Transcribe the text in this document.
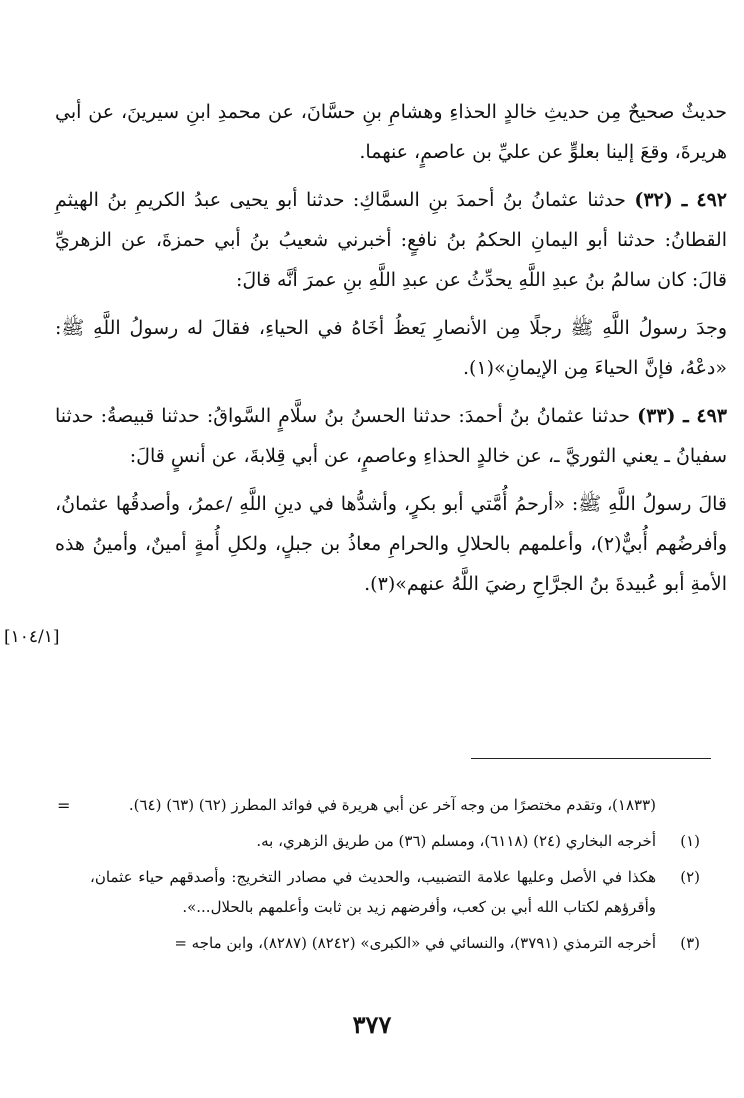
حديثٌ صحيحٌ مِن حديثِ خالدٍ الحذاءِ وهشامِ بنِ حسَّانَ، عن محمدِ ابنِ سيرينَ، عن أبي هريرةَ، وقعَ إلينا بعلوٍّ عن عليِّ بن عاصمٍ، عنهما.

٤٩٢ ـ (٣٢) حدثنا عثمانُ بنُ أحمدَ بنِ السمَّاكِ: حدثنا أبو يحيى عبدُ الكريمِ بنُ الهيثمِ القطانُ: حدثنا أبو اليمانِ الحكمُ بنُ نافعٍ: أخبرني شعيبُ بنُ أبي حمزةَ، عن الزهريِّ قالَ: كان سالمُ بنُ عبدِ اللَّهِ يحدِّثُ عن عبدِ اللَّهِ بنِ عمرَ أنَّه قالَ:

وجدَ رسولُ اللَّهِ ﷺ رجلًا مِن الأنصارِ يَعظُ أخَاهُ في الحياءِ، فقالَ له رسولُ اللَّهِ ﷺ: «دعْهُ، فإنَّ الحياءَ مِن الإيمانِ»(١).

٤٩٣ ـ (٣٣) حدثنا عثمانُ بنُ أحمدَ: حدثنا الحسنُ بنُ سلَّامٍ السَّواقُ: حدثنا قبيصةُ: حدثنا سفيانُ ـ يعني الثوريَّ ـ، عن خالدٍ الحذاءِ وعاصمٍ، عن أبي قِلابةَ، عن أنسٍ قالَ:

قالَ رسولُ اللَّهِ ﷺ: «أرحمُ أُمَّتي أبو بكرٍ، وأشدُّها في دينِ اللَّهِ /عمرُ، وأصدقُها عثمانُ، وأفرضُهم أُبيٌّ(٢)، وأعلمهم بالحلالِ والحرامِ معاذُ بن جبلٍ، ولكلِ أُمةٍ أمينٌ، وأمينُ هذه الأمةِ أبو عُبيدةَ بنُ الجرَّاحِ رضيَ اللَّهُ عنهم»(٣).

[١٠٤/١]
=	(١٨٣٣)، وتقدم مختصرًا من وجه آخر عن أبي هريرة في فوائد المطرز (٦٢) (٦٣) (٦٤).
(١)
أخرجه البخاري (٢٤) (٦١١٨)، ومسلم (٣٦) من طريق الزهري، به.
(٢)
هكذا في الأصل وعليها علامة التضبيب، والحديث في مصادر التخريج: وأصدقهم حياء عثمان، وأقرؤهم لكتاب الله أبي بن كعب، وأفرضهم زيد بن ثابت وأعلمهم بالحلال...».
(٣)
أخرجه الترمذي (٣٧٩١)، والنسائي في «الكبرى» (٨٢٤٢) (٨٢٨٧)، وابن ماجه =
٣٧٧
